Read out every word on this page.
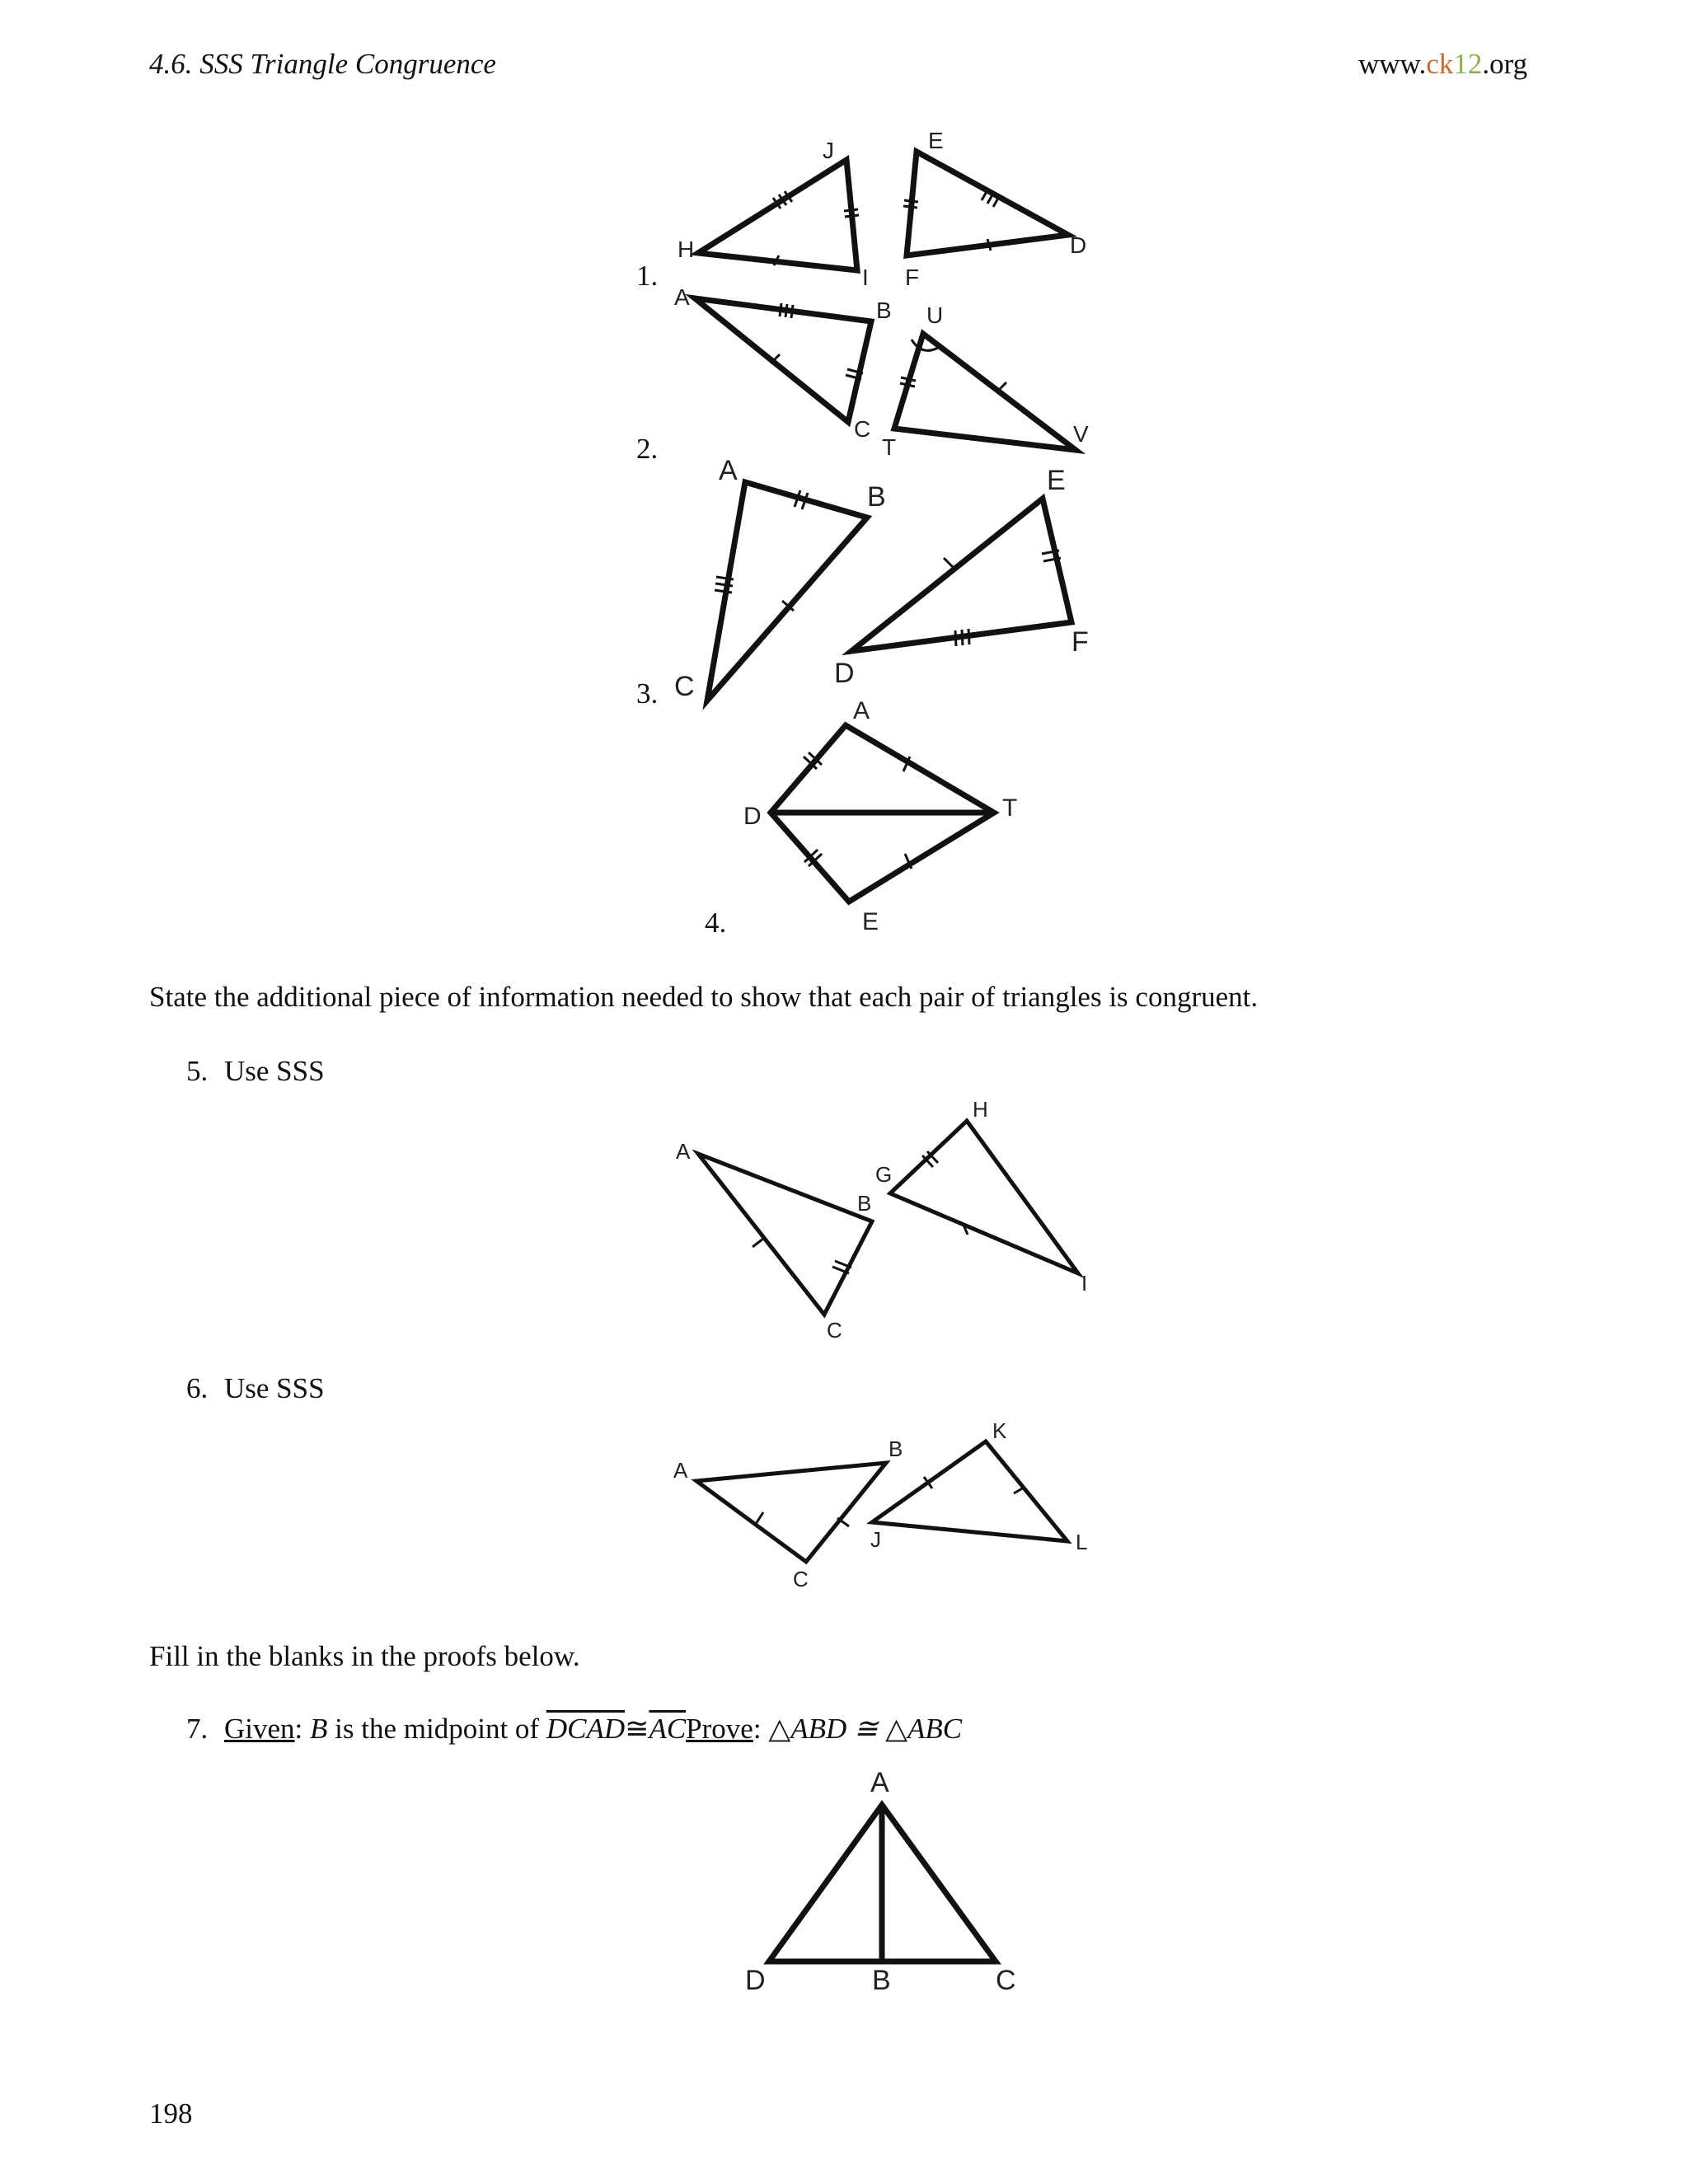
4.6. SSS Triangle Congruence	www.ck12.org
1.
2.
3.
4.
H
J
I
E
F
D
A
B
C
U
T
V
A
B
C
E
D
F
A
D	T
E
State the additional piece of information needed to show that each pair of triangles is congruent.
5. Use SSS
A
B
C
G
H
I
6. Use SSS
A
B
C
K
J	L
Fill in the blanks in the proofs below.
7. Given: B is the midpoint of $DCAD≅\overline{AC}Prove$: △ABD ≅ △ABC
A
D	B	C
198
